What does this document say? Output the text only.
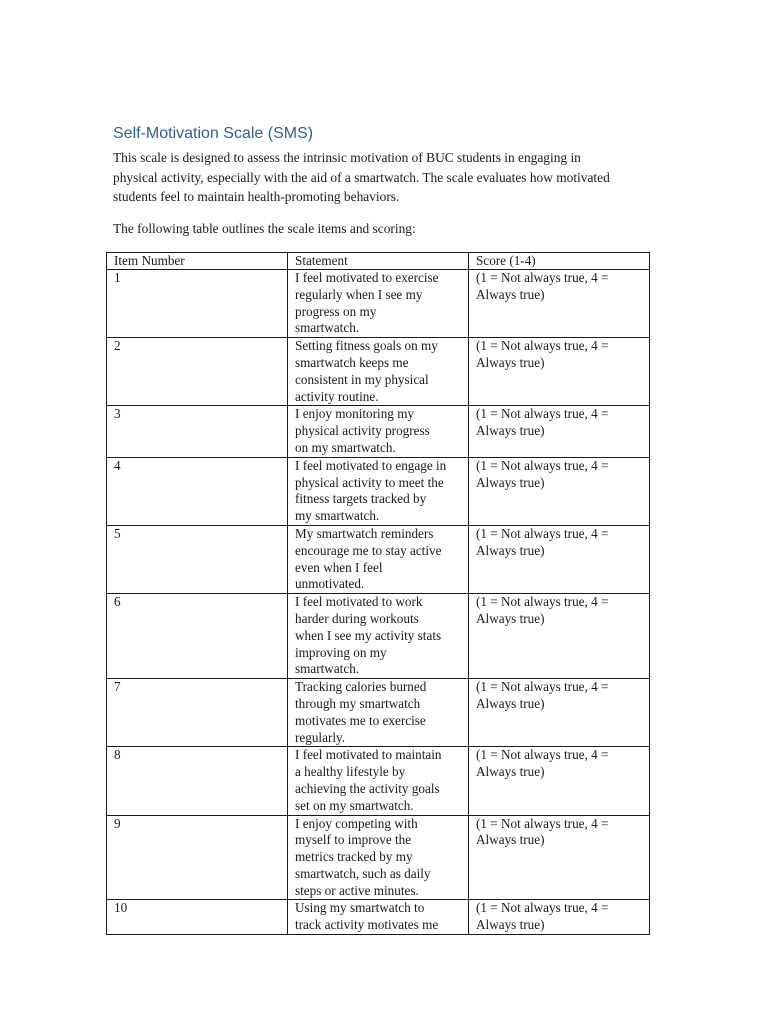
Self-Motivation Scale (SMS)

This scale is designed to assess the intrinsic motivation of BUC students in engaging in
physical activity, especially with the aid of a smartwatch. The scale evaluates how motivated
students feel to maintain health-promoting behaviors.

The following table outlines the scale items and scoring:

Item Number	Statement	Score (1-4)
1	I feel motivated to exercise
regularly when I see my
progress on my
smartwatch.	(1 = Not always true, 4 =
Always true)

2	Setting fitness goals on my
smartwatch keeps me
consistent in my physical
activity routine.	(1 = Not always true, 4 =
Always true)

3	I enjoy monitoring my
physical activity progress
on my smartwatch.	(1 = Not always true, 4 =
Always true)

4	I feel motivated to engage in
physical activity to meet the
fitness targets tracked by
my smartwatch.	(1 = Not always true, 4 =
Always true)

5	My smartwatch reminders
encourage me to stay active
even when I feel
unmotivated.	(1 = Not always true, 4 =
Always true)

6	I feel motivated to work
harder during workouts
when I see my activity stats
improving on my
smartwatch.	(1 = Not always true, 4 =
Always true)

7	Tracking calories burned
through my smartwatch
motivates me to exercise
regularly.	(1 = Not always true, 4 =
Always true)

8	I feel motivated to maintain
a healthy lifestyle by
achieving the activity goals
set on my smartwatch.	(1 = Not always true, 4 =
Always true)

9	I enjoy competing with
myself to improve the
metrics tracked by my
smartwatch, such as daily
steps or active minutes.	(1 = Not always true, 4 =
Always true)

10	Using my smartwatch to
track activity motivates me	(1 = Not always true, 4 =
Always true)
